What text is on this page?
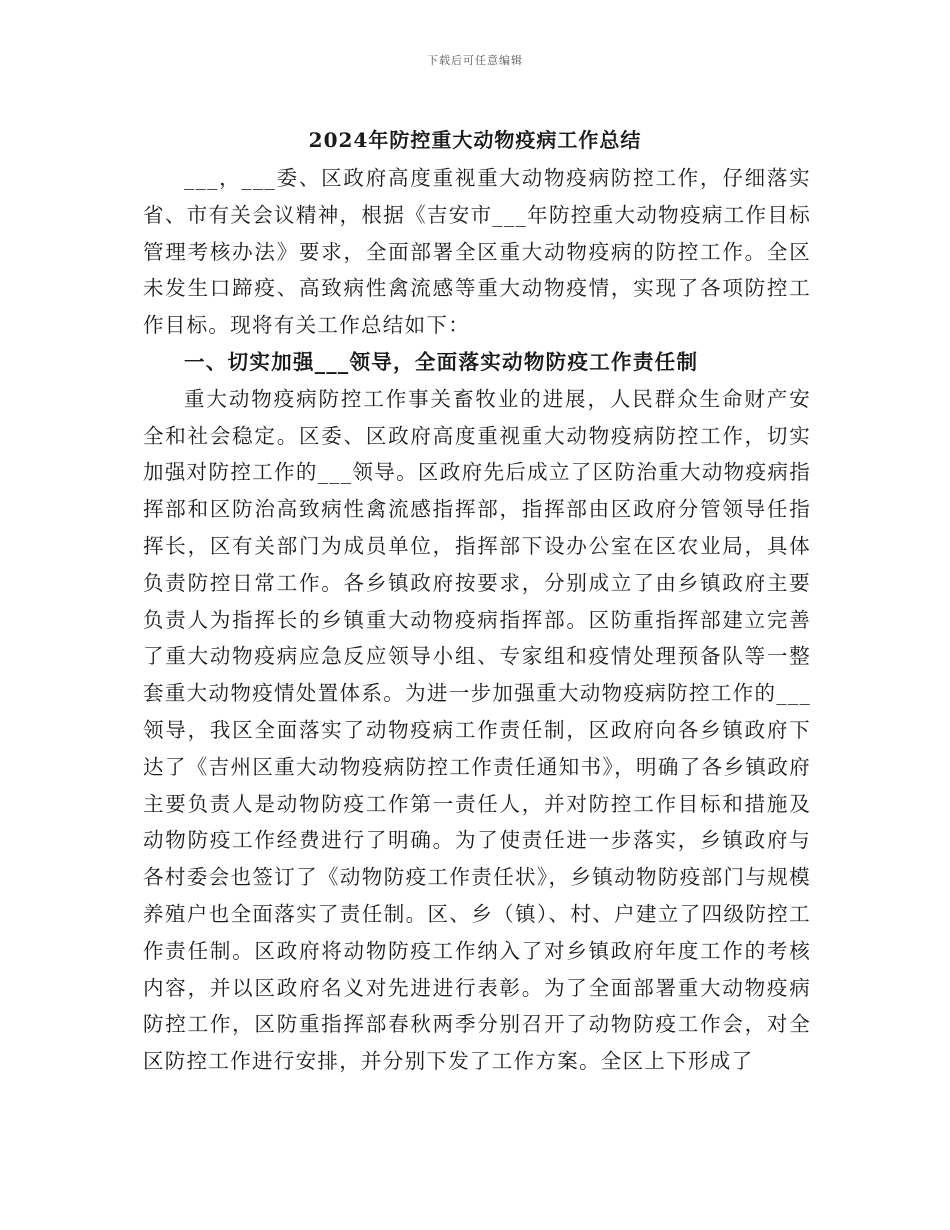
下载后可任意编辑
2024年防控重大动物疫病工作总结

___，___委、区政府高度重视重大动物疫病防控工作，仔细落实省、市有关会议精神，根据《吉安市___年防控重大动物疫病工作目标管理考核办法》要求，全面部署全区重大动物疫病的防控工作。全区未发生口蹄疫、高致病性禽流感等重大动物疫情，实现了各项防控工作目标。现将有关工作总结如下：

一、切实加强___领导，全面落实动物防疫工作责任制

重大动物疫病防控工作事关畜牧业的进展，人民群众生命财产安全和社会稳定。区委、区政府高度重视重大动物疫病防控工作，切实加强对防控工作的___领导。区政府先后成立了区防治重大动物疫病指挥部和区防治高致病性禽流感指挥部，指挥部由区政府分管领导任指挥长，区有关部门为成员单位，指挥部下设办公室在区农业局，具体负责防控日常工作。各乡镇政府按要求，分别成立了由乡镇政府主要负责人为指挥长的乡镇重大动物疫病指挥部。区防重指挥部建立完善了重大动物疫病应急反应领导小组、专家组和疫情处理预备队等一整套重大动物疫情处置体系。为进一步加强重大动物疫病防控工作的___领导，我区全面落实了动物疫病工作责任制，区政府向各乡镇政府下达了《吉州区重大动物疫病防控工作责任通知书》，明确了各乡镇政府主要负责人是动物防疫工作第一责任人，并对防控工作目标和措施及动物防疫工作经费进行了明确。为了使责任进一步落实，乡镇政府与各村委会也签订了《动物防疫工作责任状》，乡镇动物防疫部门与规模养殖户也全面落实了责任制。区、乡（镇）、村、户建立了四级防控工作责任制。区政府将动物防疫工作纳入了对乡镇政府年度工作的考核内容，并以区政府名义对先进进行表彰。为了全面部署重大动物疫病防控工作，区防重指挥部春秋两季分别召开了动物防疫工作会，对全区防控工作进行安排，并分别下发了工作方案。全区上下形成了
